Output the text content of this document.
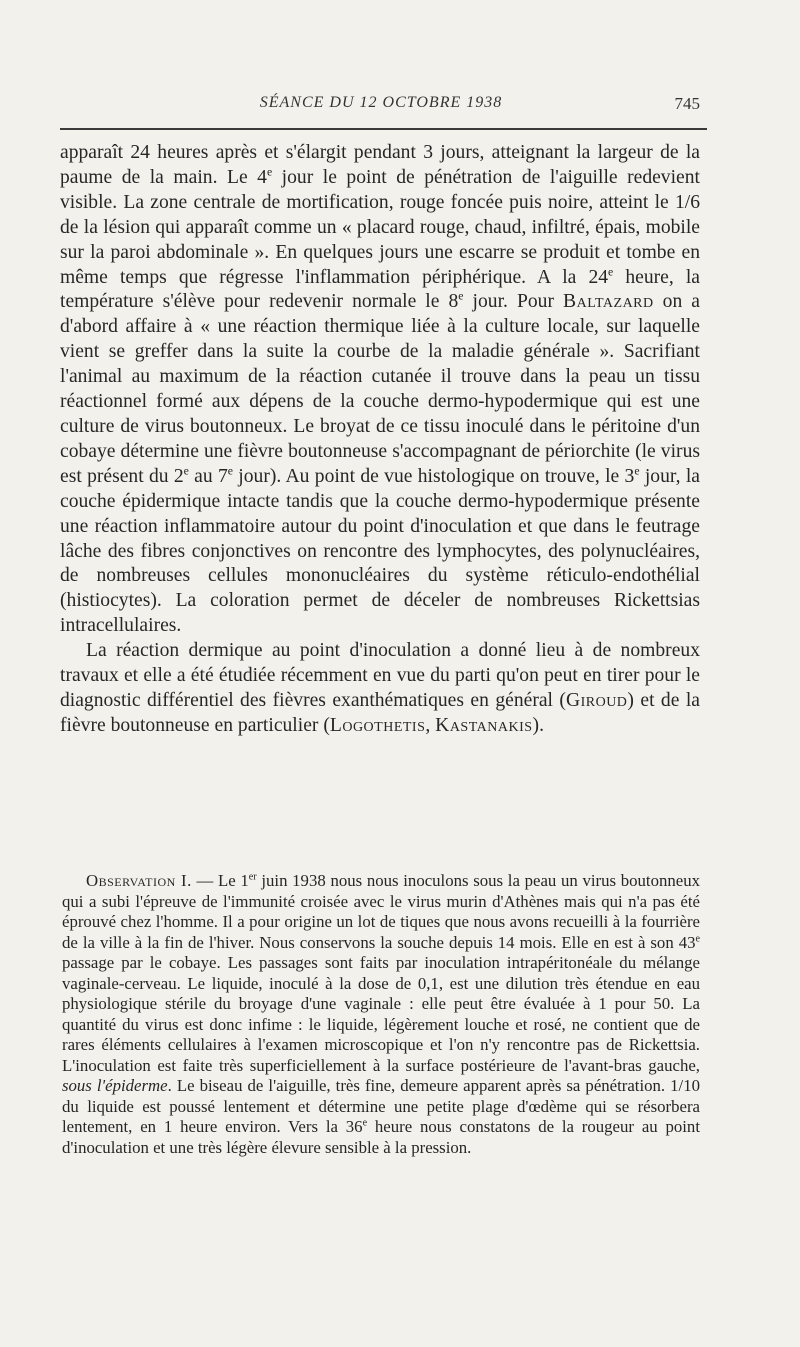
SÉANCE DU 12 OCTOBRE 1938	745

apparaît 24 heures après et s'élargit pendant 3 jours, atteignant la largeur de la paume de la main. Le 4e jour le point de pénétration de l'aiguille redevient visible. La zone centrale de mortification, rouge foncée puis noire, atteint le 1/6 de la lésion qui apparaît comme un « placard rouge, chaud, infiltré, épais, mobile sur la paroi abdominale ». En quelques jours une escarre se produit et tombe en même temps que régresse l'inflammation périphérique. A la 24e heure, la température s'élève pour redevenir normale le 8e jour. Pour Baltazard on a d'abord affaire à « une réaction thermique liée à la culture locale, sur laquelle vient se greffer dans la suite la courbe de la maladie générale ». Sacrifiant l'animal au maximum de la réaction cutanée il trouve dans la peau un tissu réactionnel formé aux dépens de la couche dermo-hypodermique qui est une culture de virus boutonneux. Le broyat de ce tissu inoculé dans le péritoine d'un cobaye détermine une fièvre boutonneuse s'accompagnant de périorchite (le virus est présent du 2e au 7e jour). Au point de vue histologique on trouve, le 3e jour, la couche épidermique intacte tandis que la couche dermo-hypodermique présente une réaction inflammatoire autour du point d'inoculation et que dans le feutrage lâche des fibres conjonctives on rencontre des lymphocytes, des polynucléaires, de nombreuses cellules mononucléaires du système réticulo-endothélial (histiocytes). La coloration permet de déceler de nombreuses Rickettsias intracellulaires.

La réaction dermique au point d'inoculation a donné lieu à de nombreux travaux et elle a été étudiée récemment en vue du parti qu'on peut en tirer pour le diagnostic différentiel des fièvres exanthématiques en général (Giroud) et de la fièvre boutonneuse en particulier (Logothetis, Kastanakis).

Observation I. — Le 1er juin 1938 nous nous inoculons sous la peau un virus boutonneux qui a subi l'épreuve de l'immunité croisée avec le virus murin d'Athènes mais qui n'a pas été éprouvé chez l'homme. Il a pour origine un lot de tiques que nous avons recueilli à la fourrière de la ville à la fin de l'hiver. Nous conservons la souche depuis 14 mois. Elle en est à son 43e passage par le cobaye. Les passages sont faits par inoculation intrapéritonéale du mélange vaginale-cerveau. Le liquide, inoculé à la dose de 0,1, est une dilution très étendue en eau physiologique stérile du broyage d'une vaginale : elle peut être évaluée à 1 pour 50. La quantité du virus est donc infime : le liquide, légèrement louche et rosé, ne contient que de rares éléments cellulaires à l'examen microscopique et l'on n'y rencontre pas de Rickettsia. L'inoculation est faite très superficiellement à la surface postérieure de l'avant-bras gauche, sous l'épiderme. Le biseau de l'aiguille, très fine, demeure apparent après sa pénétration. 1/10 du liquide est poussé lentement et détermine une petite plage d'œdème qui se résorbera lentement, en 1 heure environ. Vers la 36e heure nous constatons de la rougeur au point d'inoculation et une très légère élevure sensible à la pression.
